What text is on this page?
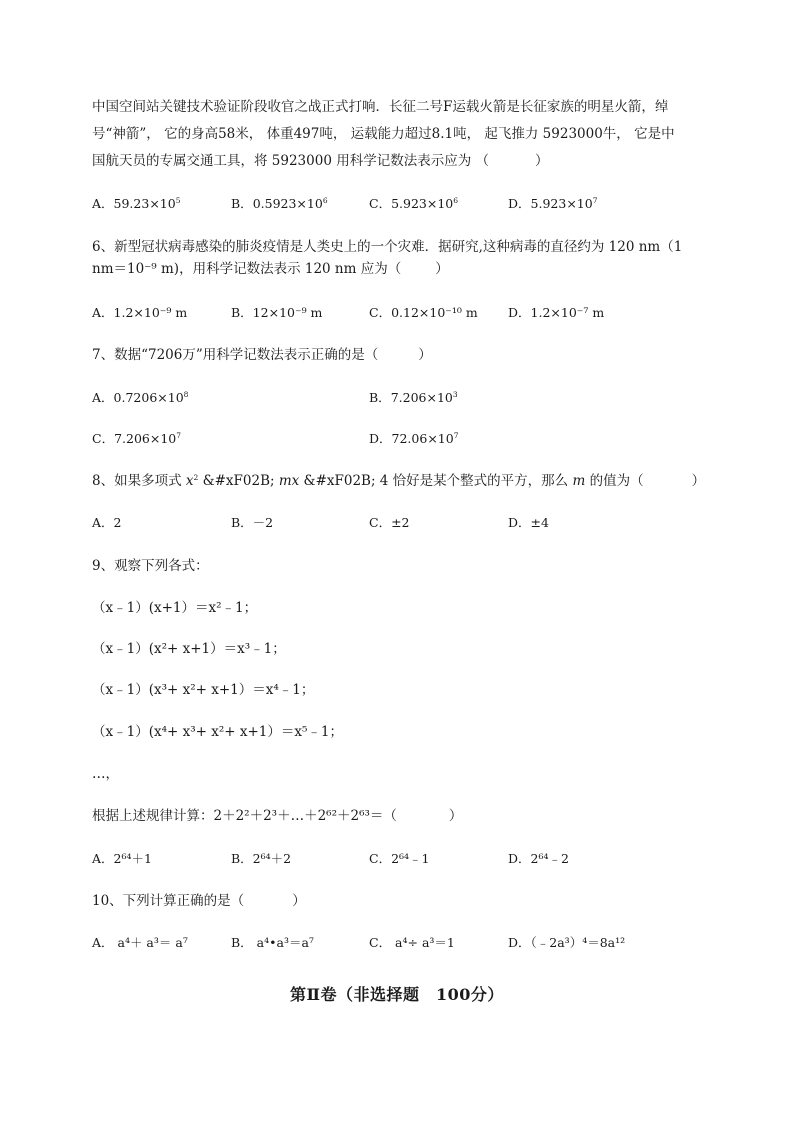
中国空间站关键技术验证阶段收官之战正式打响．长征二号F运载火箭是长征家族的明星火箭，绰
号“神箭”， 它的身高58米， 体重497吨， 运载能力超过8.1吨， 起飞推力 5923000牛， 它是中
国航天员的专属交通工具，将 5923000 用科学记数法表示应为 （	）
A．$59.23\times 10^5$	B．$0.5923\times 10^6$	C．$5.923\times 10^6$	D．$5.923\times 10^7$
6、新型冠状病毒感染的肺炎疫情是人类史上的一个灾难．据研究,这种病毒的直径约为 120 nm（1
nm＝10⁻⁹ m)，用科学记数法表示 120 nm 应为（	）
A．1.2×10⁻⁹ m	B．12×10⁻⁹ m	C．0.12×10⁻¹⁰ m D．1.2×10⁻⁷ m
7、数据“7206万”用科学记数法表示正确的是（	）
A．$0.7206\times 10^8$	B．$7.206\times 10^3$
C．$7.206\times 10^7$	D．$72.06\times 10^7$
8、如果多项式 $x^2$ &#xF02B; mx &#xF02B; 4 恰好是某个整式的平方，那么 m 的值为（	）
A．2	B．－2	C．±2	D．±4
9、观察下列各式：
（x﹣1）(x+1）＝x²﹣1；
（x﹣1）(x²+ x+1）＝x³﹣1；
（x﹣1）(x³+ x²+ x+1）＝x⁴﹣1；
（x﹣1）(x⁴+ x³+ x²+ x+1）＝x⁵﹣1；
…，
根据上述规律计算：2＋2²＋2³＋…＋2⁶²＋2⁶³＝（	）
A．2⁶⁴＋1	B．2⁶⁴＋2	C．2⁶⁴﹣1	D．2⁶⁴﹣2
10、下列计算正确的是（	）
A． a⁴＋ a³＝ a⁷	B． a⁴•a³＝a⁷	C． a⁴÷ a³＝1	D．（﹣2a³）⁴＝8a¹²
第Ⅱ卷（非选择题　100分）
